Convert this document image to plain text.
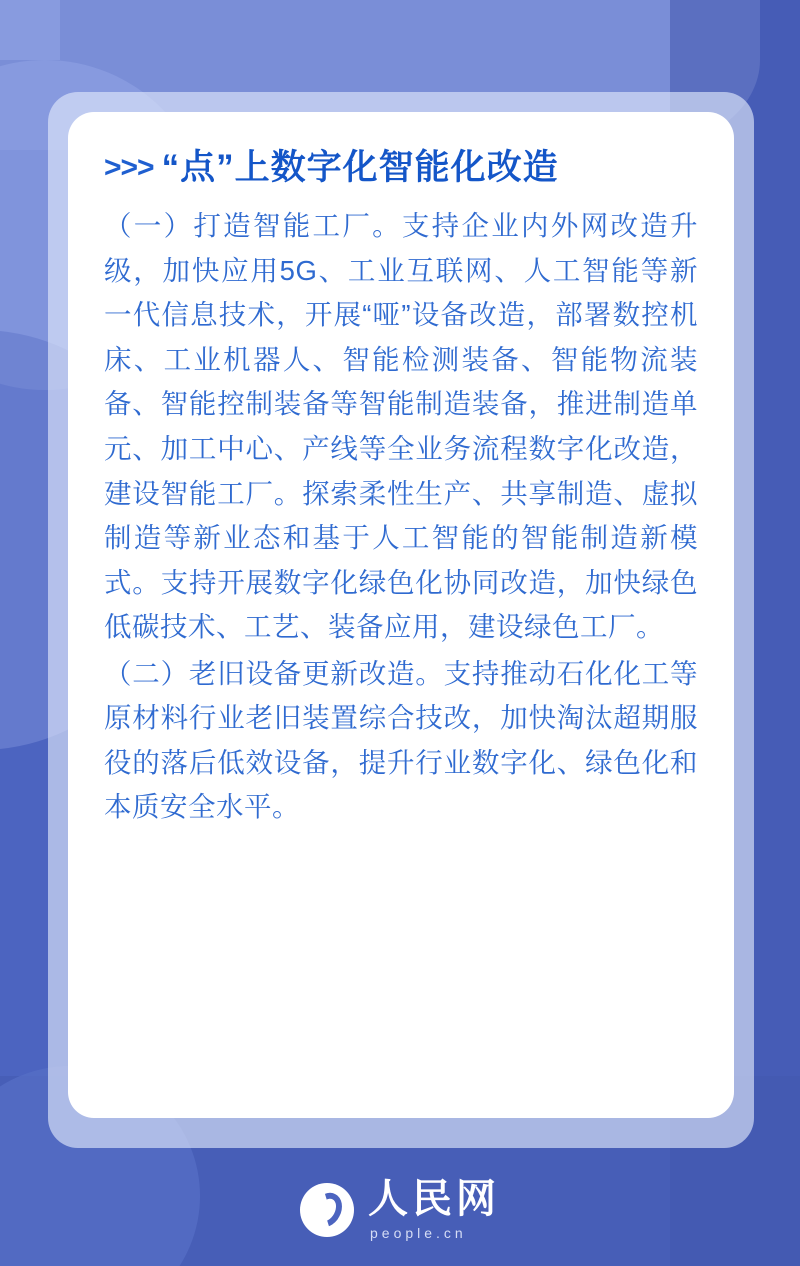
>>> “点”上数字化智能化改造

（一）打造智能工厂。支持企业内外网改造升级，加快应用5G、工业互联网、人工智能等新一代信息技术，开展“哑”设备改造，部署数控机床、工业机器人、智能检测装备、智能物流装备、智能控制装备等智能制造装备，推进制造单元、加工中心、产线等全业务流程数字化改造，建设智能工厂。探索柔性生产、共享制造、虚拟制造等新业态和基于人工智能的智能制造新模式。支持开展数字化绿色化协同改造，加快绿色低碳技术、工艺、装备应用，建设绿色工厂。

（二）老旧设备更新改造。支持推动石化化工等原材料行业老旧装置综合技改，加快淘汰超期服役的落后低效设备，提升行业数字化、绿色化和本质安全水平。

人民网
people.cn
